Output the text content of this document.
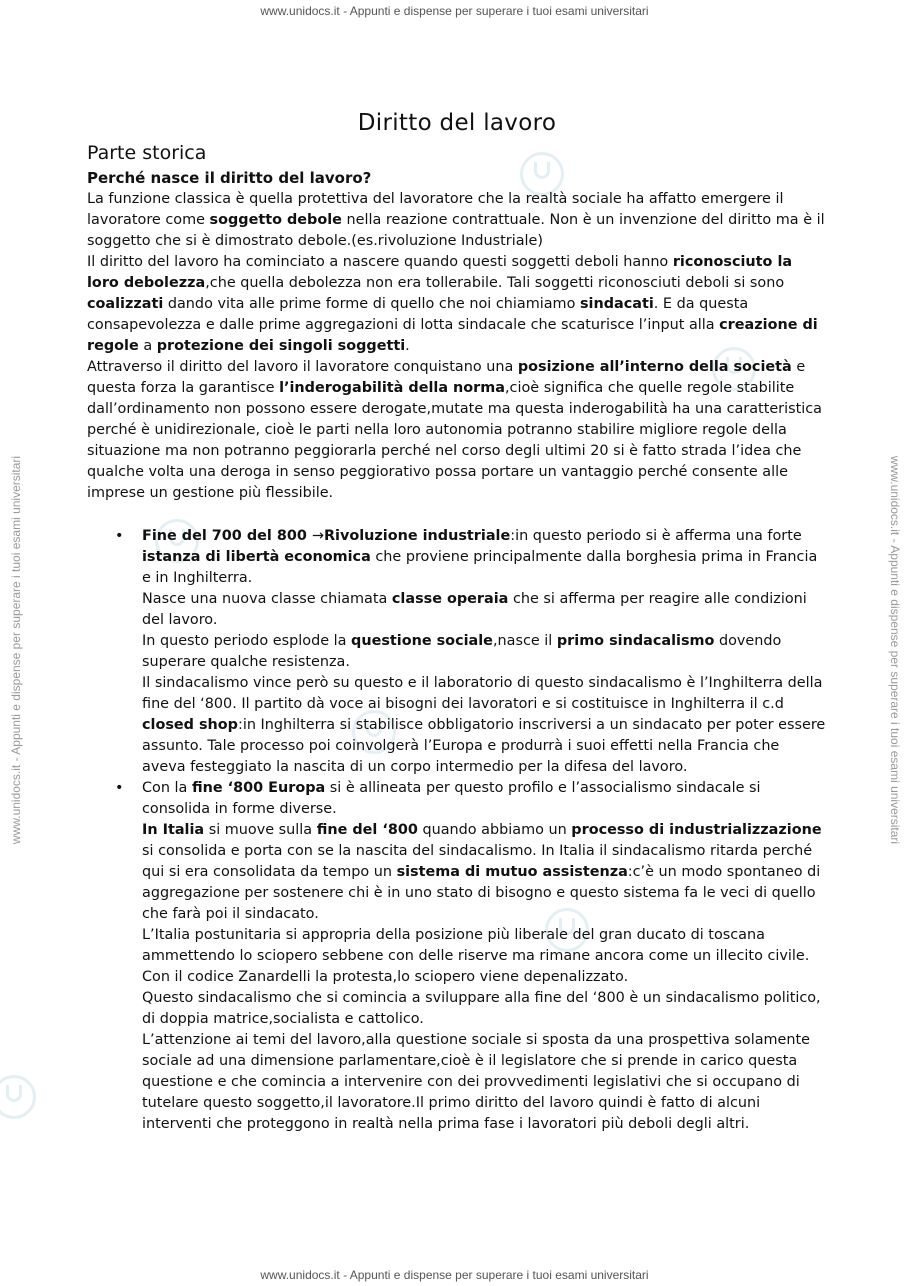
www.unidocs.it - Appunti e dispense per superare i tuoi esami universitari
www.unidocs.it - Appunti e dispense per superare i tuoi esami universitari
www.unidocs.it - Appunti e dispense per superare i tuoi esami universitari	www.unidocs.it - Appunti e dispense per superare i tuoi esami universitari
Diritto del lavoro
Parte storica
Perché nasce il diritto del lavoro?

La funzione classica è quella protettiva del lavoratore che la realtà sociale ha affatto emergere il lavoratore come soggetto debole nella reazione contrattuale. Non è un invenzione del diritto ma è il soggetto che si è dimostrato debole.(es.rivoluzione Industriale)

Il diritto del lavoro ha cominciato a nascere quando questi soggetti deboli hanno riconosciuto la loro debolezza,che quella debolezza non era tollerabile. Tali soggetti riconosciuti deboli si sono coalizzati dando vita alle prime forme di quello che noi chiamiamo sindacati. E da questa consapevolezza e dalle prime aggregazioni di lotta sindacale che scaturisce l’input alla creazione di regole a protezione dei singoli soggetti.

Attraverso il diritto del lavoro il lavoratore conquistano una posizione all’interno della società e questa forza la garantisce l’inderogabilità della norma,cioè significa che quelle regole stabilite dall’ordinamento non possono essere derogate,mutate ma questa inderogabilità ha una caratteristica perché è unidirezionale, cioè le parti nella loro autonomia potranno stabilire migliore regole della situazione ma non potranno peggiorarla perché nel corso degli ultimi 20 si è fatto strada l’idea che qualche volta una deroga in senso peggiorativo possa portare un vantaggio perché consente alle imprese un gestione più flessibile.

• Fine del 700 del 800 →Rivoluzione industriale:in questo periodo si è afferma una forte istanza di libertà economica che proviene principalmente dalla borghesia prima in Francia e in Inghilterra.

Nasce una nuova classe chiamata classe operaia che si afferma per reagire alle condizioni del lavoro.

In questo periodo esplode la questione sociale,nasce il primo sindacalismo dovendo superare qualche resistenza.

Il sindacalismo vince però su questo e il laboratorio di questo sindacalismo è l’Inghilterra della fine del ‘800. Il partito dà voce ai bisogni dei lavoratori e si costituisce in Inghilterra il c.d closed shop:in Inghilterra si stabilisce obbligatorio inscriversi a un sindacato per poter essere assunto. Tale processo poi coinvolgerà l’Europa e produrrà i suoi effetti nella Francia che aveva festeggiato la nascita di un corpo intermedio per la difesa del lavoro.

• Con la fine ‘800 Europa si è allineata per questo profilo e l’associalismo sindacale si consolida in forme diverse.

In Italia si muove sulla fine del ‘800 quando abbiamo un processo di industrializzazione si consolida e porta con se la nascita del sindacalismo. In Italia il sindacalismo ritarda perché qui si era consolidata da tempo un sistema di mutuo assistenza:c’è un modo spontaneo di aggregazione per sostenere chi è in uno stato di bisogno e questo sistema fa le veci di quello che farà poi il sindacato.

L’Italia postunitaria si appropria della posizione più liberale del gran ducato di toscana ammettendo lo sciopero sebbene con delle riserve ma rimane ancora come un illecito civile. Con il codice Zanardelli la protesta,lo sciopero viene depenalizzato.

Questo sindacalismo che si comincia a sviluppare alla fine del ‘800 è un sindacalismo politico, di doppia matrice,socialista e cattolico.

L’attenzione ai temi del lavoro,alla questione sociale si sposta da una prospettiva solamente sociale ad una dimensione parlamentare,cioè è il legislatore che si prende in carico questa questione e che comincia a intervenire con dei provvedimenti legislativi che si occupano di tutelare questo soggetto,il lavoratore.Il primo diritto del lavoro quindi è fatto di alcuni interventi che proteggono in realtà nella prima fase i lavoratori più deboli degli altri.
